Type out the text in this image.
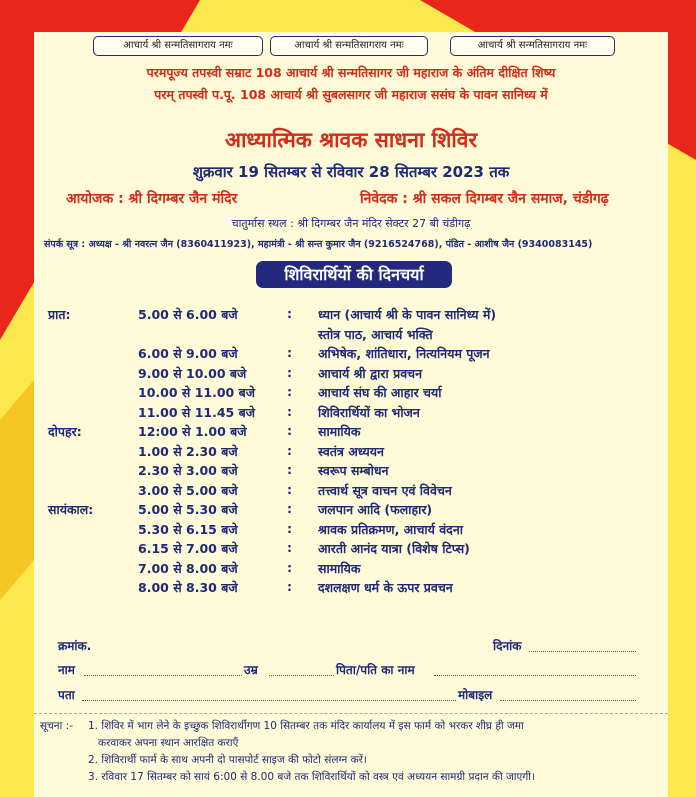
आचार्य श्री सन्मतिसागराय नमः	आचार्य श्री सन्मतिसागराय नमः	आचार्य श्री सन्मतिसागराय नमः
परमपूज्य तपस्वी सम्राट 108 आचार्य श्री सन्मतिसागर जी महाराज के अंतिम दीक्षित शिष्य
परम् तपस्वी प.पू. 108 आचार्य श्री सुबलसागर जी महाराज ससंघ के पावन सानिध्य में
आध्यात्मिक श्रावक साधना शिविर
शुक्रवार 19 सितम्बर से रविवार 28 सितम्बर 2023 तक
आयोजक : श्री दिगम्बर जैन मंदिर	निवेदक : श्री सकल दिगम्बर जैन समाज, चंडीगढ़
चातुर्मास स्थल : श्री दिगम्बर जैन मंदिर सेक्टर 27 बी चंडीगढ़
संपर्क सूत्र : अध्यक्ष - श्री नवरत्न जैन (8360411923), महामंत्री - श्री सन्त कुमार जैन (9216524768), पंडित - आशीष जैन (9340083145)
शिविरार्थियों की दिनचर्या
प्रात:	5.00 से 6.00 बजे	: ध्यान (आचार्य श्री के पावन सानिध्य में)
स्तोत्र पाठ, आचार्य भक्ति
6.00 से 9.00 बजे	: अभिषेक, शांतिधारा, नित्यनियम पूजन
9.00 से 10.00 बजे	: आचार्य श्री द्वारा प्रवचन
10.00 से 11.00 बजे	: आचार्य संघ की आहार चर्या
11.00 से 11.45 बजे	: शिविरार्थियों का भोजन
दोपहर:	12:00 से 1.00 बजे	: सामायिक
1.00 से 2.30 बजे	: स्वतंत्र अध्ययन
2.30 से 3.00 बजे	: स्वरूप सम्बोधन
3.00 से 5.00 बजे	: तत्त्वार्थ सूत्र वाचन एवं विवेचन
सायंकाल:	5.00 से 5.30 बजे	: जलपान आदि (फलाहार)
5.30 से 6.15 बजे	: श्रावक प्रतिक्रमण, आचार्य वंदना
6.15 से 7.00 बजे	: आरती आनंद यात्रा (विशेष टिप्स)
7.00 से 8.00 बजे	: सामायिक
8.00 से 8.30 बजे	: दशलक्षण धर्म के ऊपर प्रवचन
क्रमांक.	दिनांक
नाम	उम्र	पिता/पति का नाम
पता	मोबाइल
सूचना :- 1. शिविर में भाग लेने के इच्छुक शिविरार्थीगण 10 सितम्बर तक मंदिर कार्यालय में इस फार्म को भरकर शीघ्र ही जमा
करवाकर अपना स्थान आरक्षित कराएँ
2. शिविरार्थी फार्म के साथ अपनी दो पासपोर्ट साइज की फोटो संलग्न करें।
3. रविवार 17 सितम्बर को सायं 6:00 से 8.00 बजे तक शिविरार्थियों को वस्त्र एवं अध्ययन सामग्री प्रदान की जाएगी।
